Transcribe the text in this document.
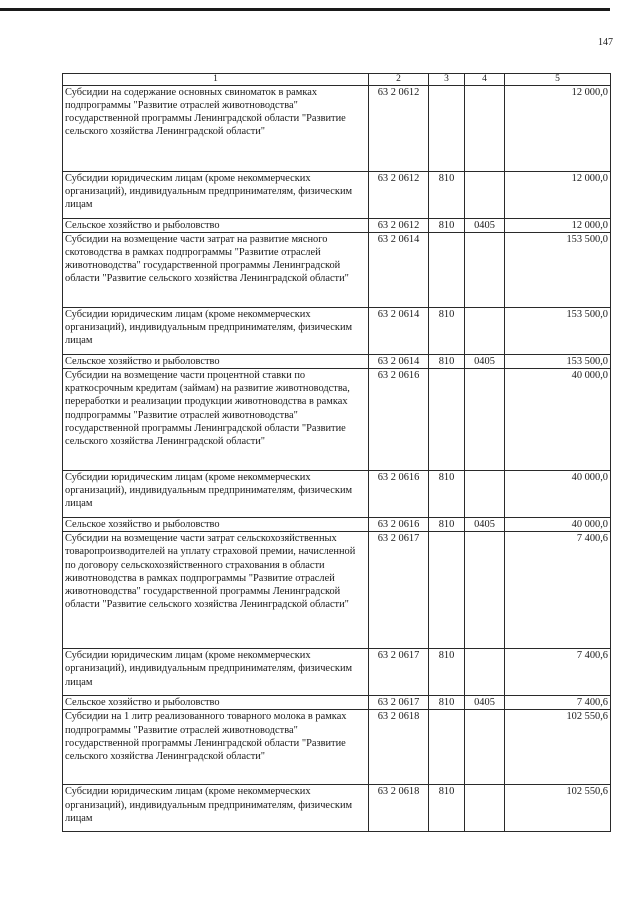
147
1	2	3	4	5
Субсидии на содержание основных свиноматок в рамках подпрограммы "Развитие отраслей животноводства" государственной программы Ленинградской области "Развитие сельского хозяйства Ленинградской области"	63 2 0612			12 000,0
Субсидии юридическим лицам (кроме некоммерческих организаций), индивидуальным предпринимателям, физическим лицам	63 2 0612	810		12 000,0
Сельское хозяйство и рыболовство	63 2 0612	810	0405	12 000,0
Субсидии на возмещение части затрат на развитие мясного скотоводства в рамках подпрограммы "Развитие отраслей животноводства" государственной программы Ленинградской области "Развитие сельского хозяйства Ленинградской области"	63 2 0614			153 500,0
Субсидии юридическим лицам (кроме некоммерческих организаций), индивидуальным предпринимателям, физическим лицам	63 2 0614	810		153 500,0
Сельское хозяйство и рыболовство	63 2 0614	810	0405	153 500,0
Субсидии на возмещение части процентной ставки по краткосрочным кредитам (займам) на развитие животноводства, переработки и реализации продукции животноводства в рамках подпрограммы "Развитие отраслей животноводства" государственной программы Ленинградской области "Развитие сельского хозяйства Ленинградской области"	63 2 0616			40 000,0
Субсидии юридическим лицам (кроме некоммерческих организаций), индивидуальным предпринимателям, физическим лицам	63 2 0616	810		40 000,0
Сельское хозяйство и рыболовство	63 2 0616	810	0405	40 000,0
Субсидии на возмещение части затрат сельскохозяйственных товаропроизводителей на уплату страховой премии, начисленной по договору сельскохозяйственного страхования в области животноводства в рамках подпрограммы "Развитие отраслей животноводства" государственной программы Ленинградской области "Развитие сельского хозяйства Ленинградской области"	63 2 0617			7 400,6
Субсидии юридическим лицам (кроме некоммерческих организаций), индивидуальным предпринимателям, физическим лицам	63 2 0617	810		7 400,6
Сельское хозяйство и рыболовство	63 2 0617	810	0405	7 400,6
Субсидии на 1 литр реализованного товарного молока в рамках подпрограммы "Развитие отраслей животноводства" государственной программы Ленинградской области "Развитие сельского хозяйства Ленинградской области"	63 2 0618			102 550,6
Субсидии юридическим лицам (кроме некоммерческих организаций), индивидуальным предпринимателям, физическим лицам	63 2 0618	810		102 550,6
